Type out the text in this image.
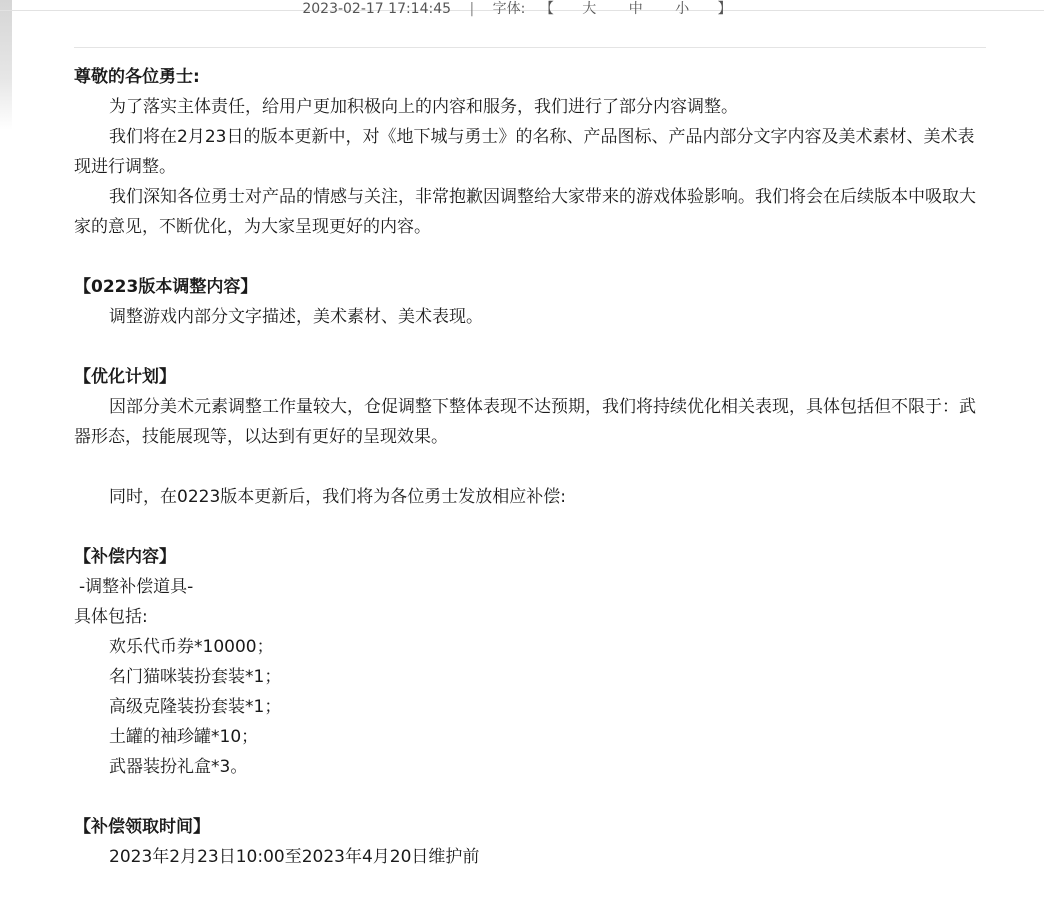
2023-02-17 17:14:45 | 字体: 【 大 中 小 】

尊敬的各位勇士:

为了落实主体责任，给用户更加积极向上的内容和服务，我们进行了部分内容调整。

我们将在2月23日的版本更新中，对《地下城与勇士》的名称、产品图标、产品内部分文字内容及美术素材、美术表现进行调整。

我们深知各位勇士对产品的情感与关注，非常抱歉因调整给大家带来的游戏体验影响。我们将会在后续版本中吸取大家的意见，不断优化，为大家呈现更好的内容。

【0223版本调整内容】

调整游戏内部分文字描述，美术素材、美术表现。

【优化计划】

因部分美术元素调整工作量较大，仓促调整下整体表现不达预期，我们将持续优化相关表现，具体包括但不限于：武器形态，技能展现等，以达到有更好的呈现效果。

同时，在0223版本更新后，我们将为各位勇士发放相应补偿:

【补偿内容】

-调整补偿道具-

具体包括:

欢乐代币券*10000；

名门猫咪装扮套装*1；

高级克隆装扮套装*1；

土罐的袖珍罐*10；

武器装扮礼盒*3。

【补偿领取时间】

2023年2月23日10:00至2023年4月20日维护前
